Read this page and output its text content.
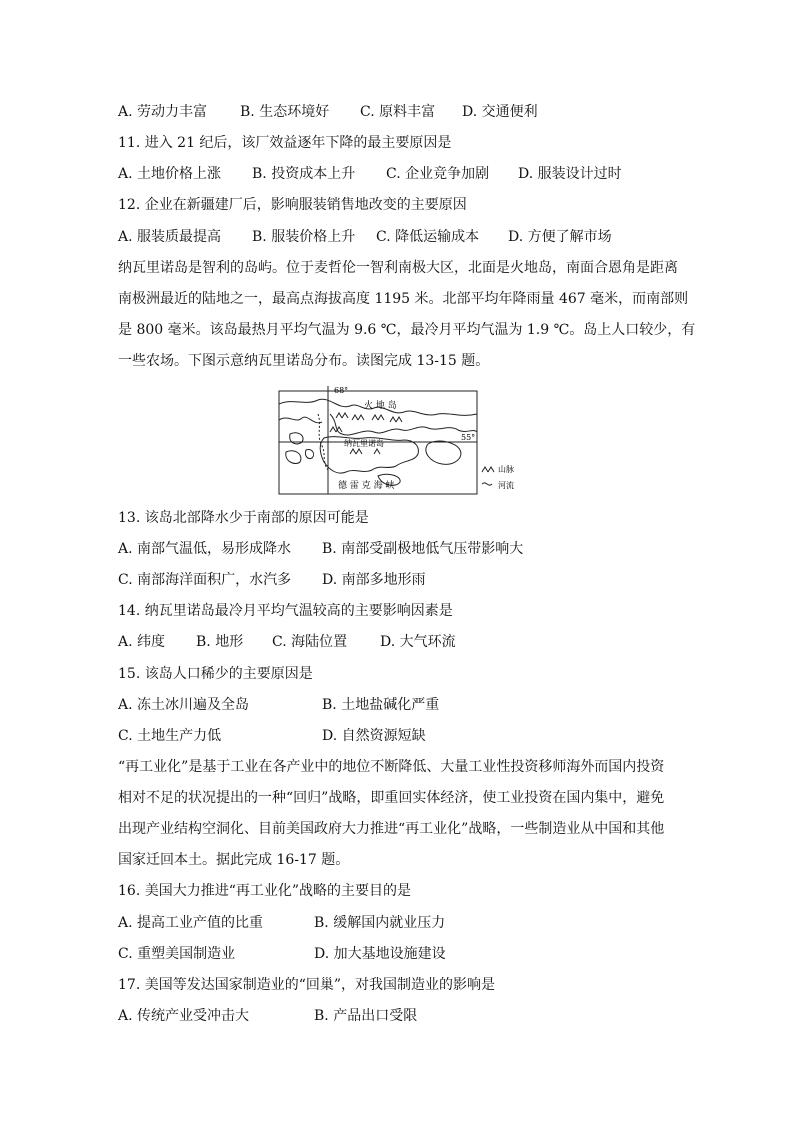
A. 劳动力丰富 B. 生态环境好 C. 原料丰富 D. 交通便利
11. 进入 21 纪后，该厂效益逐年下降的最主要原因是
A. 土地价格上涨 B. 投资成本上升 C. 企业竞争加剧 D. 服装设计过时
12. 企业在新疆建厂后，影响服装销售地改变的主要原因
A. 服装质最提高 B. 服装价格上升 C. 降低运输成本 D. 方便了解市场
纳瓦里诺岛是智利的岛屿。位于麦哲伦一智利南极大区，北面是火地岛，南面合恩角是距离
南极洲最近的陆地之一，最高点海拔高度 1195 米。北部平均年降雨量 467 毫米，而南部则
是 800 毫米。该岛最热月平均气温为 9.6 ℃，最冷月平均气温为 1.9 ℃。岛上人口较少，有
一些农场。下图示意纳瓦里诺岛分布。读图完成 13-15 题。
68°
55°
火 地 岛
纳瓦里诺岛
德 雷 克 海 峡
山脉
河流
13. 该岛北部降水少于南部的原因可能是
A. 南部气温低，易形成降水 B. 南部受副极地低气压带影响大
C. 南部海洋面积广，水汽多 D. 南部多地形雨
14. 纳瓦里诺岛最冷月平均气温较高的主要影响因素是
A. 纬度 B. 地形 C. 海陆位置 D. 大气环流
15. 该岛人口稀少的主要原因是
A. 冻土冰川遍及全岛	B. 土地盐碱化严重
C. 土地生产力低	D. 自然资源短缺
“再工业化”是基于工业在各产业中的地位不断降低、大量工业性投资移师海外而国内投资
相对不足的状况提出的一种“回归”战略，即重回实体经济，使工业投资在国内集中，避免
出现产业结构空洞化、目前美国政府大力推进“再工业化”战略，一些制造业从中国和其他
国家迁回本土。据此完成 16-17 题。
16. 美国大力推进“再工业化”战略的主要目的是
A. 提高工业产值的比重	B. 缓解国内就业压力
C. 重塑美国制造业	D. 加大基地设施建设
17. 美国等发达国家制造业的“回巢”，对我国制造业的影响是
A. 传统产业受冲击大	B. 产品出口受限
